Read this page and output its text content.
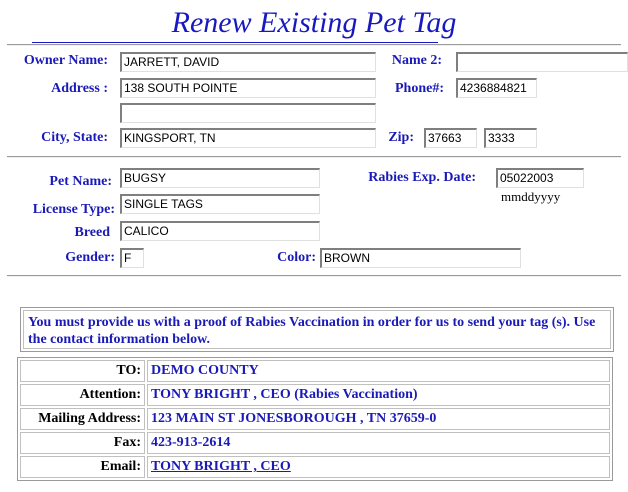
Renew Existing Pet Tag
Owner Name:	JARRETT, DAVID	Name 2:
Address :	138 SOUTH POINTE	Phone#:	4236884821
City, State:	KINGSPORT, TN	Zip:	37663	3333
Pet Name:	BUGSY	Rabies Exp. Date:	05022003
mmddyyyy
License Type: SINGLE TAGS
Breed	CALICO
Gender: F	Color: BROWN
You must provide us with a proof of Rabies Vaccination in order for us to send your tag (s). Use the contact information below.
TO:	DEMO COUNTY
Attention:	TONY BRIGHT , CEO (Rabies Vaccination)
Mailing Address:	123 MAIN ST JONESBOROUGH , TN 37659-0
Fax:	423-913-2614
Email:	TONY BRIGHT , CEO
